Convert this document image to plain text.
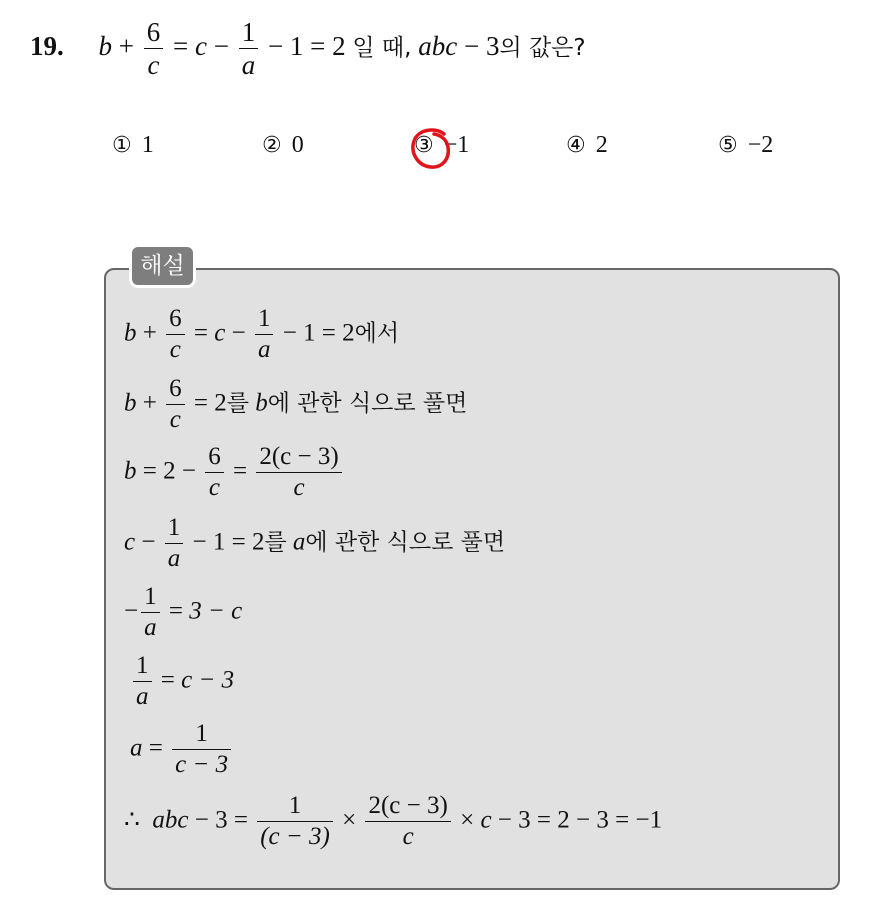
19. $b + \frac{6}{c} = c - \frac{1}{a} - 1 = 2$ 일 때, abc − 3의 값은?
① 1	② 0	③ −1	④ 2	⑤ −2
해설
$b + \frac{6}{c} = c - \frac{1}{a} - 1 = 2$에서
$b + \frac{6}{c} = 2$를 b에 관한 식으로 풀면
$b = 2 - \frac{6}{c} = \frac{2(c - 3)}{c}$
$c - \frac{1}{a} - 1 = 2$를 a에 관한 식으로 풀면
− $\frac{1}{a} = 3 - c$
$\frac{1}{a} = c - 3$
$a = \frac{1}{c - 3}$
∴ abc − $3 = \frac{1}{(c - 3)} \times \frac{2(c - 3)}{c} \times c - 3 = 2 - 3 = -1$
